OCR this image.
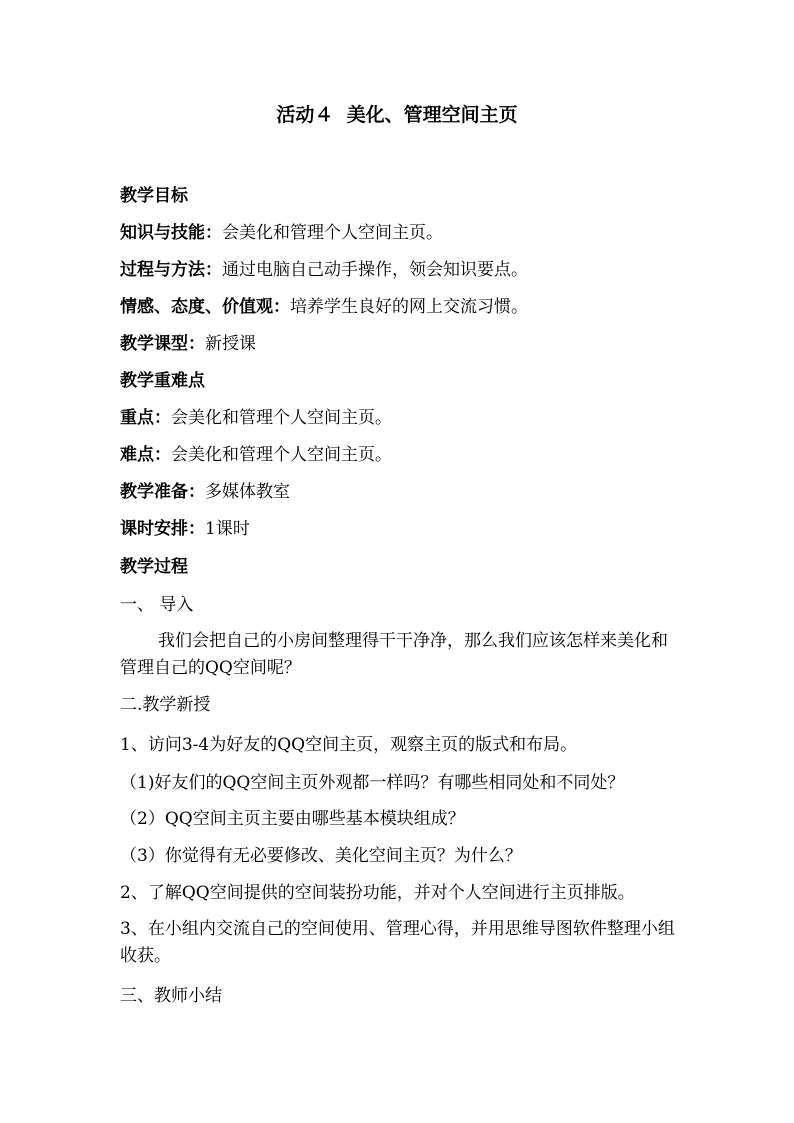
活动４  美化、管理空间主页
教学目标
知识与技能：会美化和管理个人空间主页。
过程与方法：通过电脑自己动手操作，领会知识要点。
情感、态度、价值观：培养学生良好的网上交流习惯。
教学课型：新授课
教学重难点
重点：会美化和管理个人空间主页。
难点：会美化和管理个人空间主页。
教学准备：多媒体教室
课时安排：1课时
教学过程
一、 导入
我们会把自己的小房间整理得干干净净，那么我们应该怎样来美化和管理自己的QQ空间呢？
二.教学新授
1、访问3-4为好友的QQ空间主页，观察主页的版式和布局。
（1)好友们的QQ空间主页外观都一样吗？有哪些相同处和不同处？
（2）QQ空间主页主要由哪些基本模块组成？
（3）你觉得有无必要修改、美化空间主页？为什么？
2、了解QQ空间提供的空间装扮功能，并对个人空间进行主页排版。
3、在小组内交流自己的空间使用、管理心得，并用思维导图软件整理小组收获。
三、教师小结
